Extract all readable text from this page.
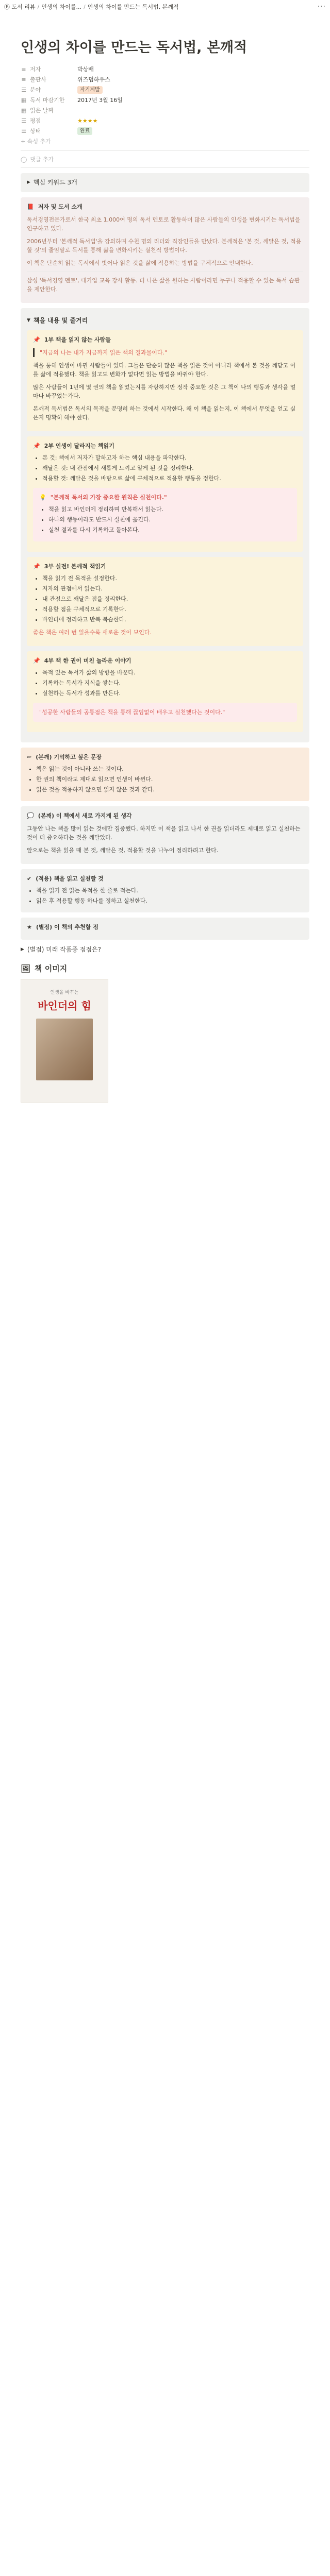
Ⓑ 도서 리뷰 / 인생의 차이를... / 인생의 차이를 만드는 독서법, 본깨적	···
인생의 차이를 만드는 독서법, 본깨적
≡ 저자	박상배
≡ 출판사	위즈덤하우스
☰ 분야	자기계발
▦ 독서 마감기한 2017년 3월 16일
▦ 읽은 날짜
☰ 평점	★★★★
☰ 상태	완료
+ 속성 추가
◯ 댓글 추가
▶ 핵심 키워드 3개
📕 저자 및 도서 소개
독서경영전문가로서 한국 최초 1,000여 명의 독서 멘토로 활동하며 많은 사람들의 인생을 변화시키는 독서법을 연구하고 있다.
2006년부터 '본깨적 독서법'을 강의하며 수천 명의 리더와 직장인들을 만났다. 본깨적은 '본 것, 깨달은 것, 적용할 것'의 줄임말로 독서를 통해 삶을 변화시키는 실천적 방법이다.
이 책은 단순히 읽는 독서에서 벗어나 읽은 것을 삶에 적용하는 방법을 구체적으로 안내한다.
삼성 '독서경영 멘토', 대기업 교육 강사 활동. 더 나은 삶을 원하는 사람이라면 누구나 적용할 수 있는 독서 습관을 제안한다.
▼ 책을 내용 및 줄거리
📌 1부 책을 읽지 않는 사람들
"지금의 나는 내가 지금까지 읽은 책의 결과물이다."
책을 통해 인생이 바뀐 사람들이 있다. 그들은 단순히 많은 책을 읽은 것이 아니라 책에서 본 것을 깨닫고 이를 삶에 적용했다. 책을 읽고도 변화가 없다면 읽는 방법을 바꿔야 한다.
많은 사람들이 1년에 몇 권의 책을 읽었는지를 자랑하지만 정작 중요한 것은 그 책이 나의 행동과 생각을 얼마나 바꾸었는가다.
본깨적 독서법은 독서의 목적을 분명히 하는 것에서 시작한다. 왜 이 책을 읽는지, 이 책에서 무엇을 얻고 싶은지 명확히 해야 한다.
📌 2부 인생이 달라지는 책읽기
• 본 것: 책에서 저자가 말하고자 하는 핵심 내용을 파악한다.
• 깨달은 것: 내 관점에서 새롭게 느끼고 알게 된 것을 정리한다.
• 적용할 것: 깨달은 것을 바탕으로 삶에 구체적으로 적용할 행동을 정한다.
💡 "본깨적 독서의 가장 중요한 원칙은 실천이다."
• 책을 읽고 바인더에 정리하며 반복해서 읽는다.
• 하나의 행동이라도 반드시 실천에 옮긴다.
• 실천 결과를 다시 기록하고 돌아본다.
📌 3부 실전! 본깨적 책읽기
• 책을 읽기 전 목적을 설정한다.
• 저자의 관점에서 읽는다.
• 내 관점으로 깨달은 점을 정리한다.
• 적용할 점을 구체적으로 기록한다.
• 바인더에 정리하고 반복 복습한다.
좋은 책은 여러 번 읽을수록 새로운 것이 보인다.
📌 4부 책 한 권이 미친 놀라운 이야기
• 목적 있는 독서가 삶의 방향을 바꾼다.
• 기록하는 독서가 지식을 쌓는다.
• 실천하는 독서가 성과를 만든다.
"성공한 사람들의 공통점은 책을 통해 끊임없이 배우고 실천했다는 것이다."
✏ (본깨) 기억하고 싶은 문장
• 책은 읽는 것이 아니라 쓰는 것이다.
• 한 권의 책이라도 제대로 읽으면 인생이 바뀐다.
• 읽은 것을 적용하지 않으면 읽지 않은 것과 같다.
💭 (본깨) 이 책에서 새로 가지게 된 생각
그동안 나는 책을 많이 읽는 것에만 집중했다. 하지만 이 책을 읽고 나서 한 권을 읽더라도 제대로 읽고 실천하는 것이 더 중요하다는 것을 깨달았다.
앞으로는 책을 읽을 때 본 것, 깨달은 것, 적용할 것을 나누어 정리하려고 한다.
✔ (적용) 책을 읽고 실천할 것
• 책을 읽기 전 읽는 목적을 한 줄로 적는다.
• 읽은 후 적용할 행동 하나를 정하고 실천한다.
★ (별점) 이 책의 추천할 점
▶ (별점) 미래 작품중 점점은?
🖼 책 이미지
인생을 바꾸는
바인더의 힘
